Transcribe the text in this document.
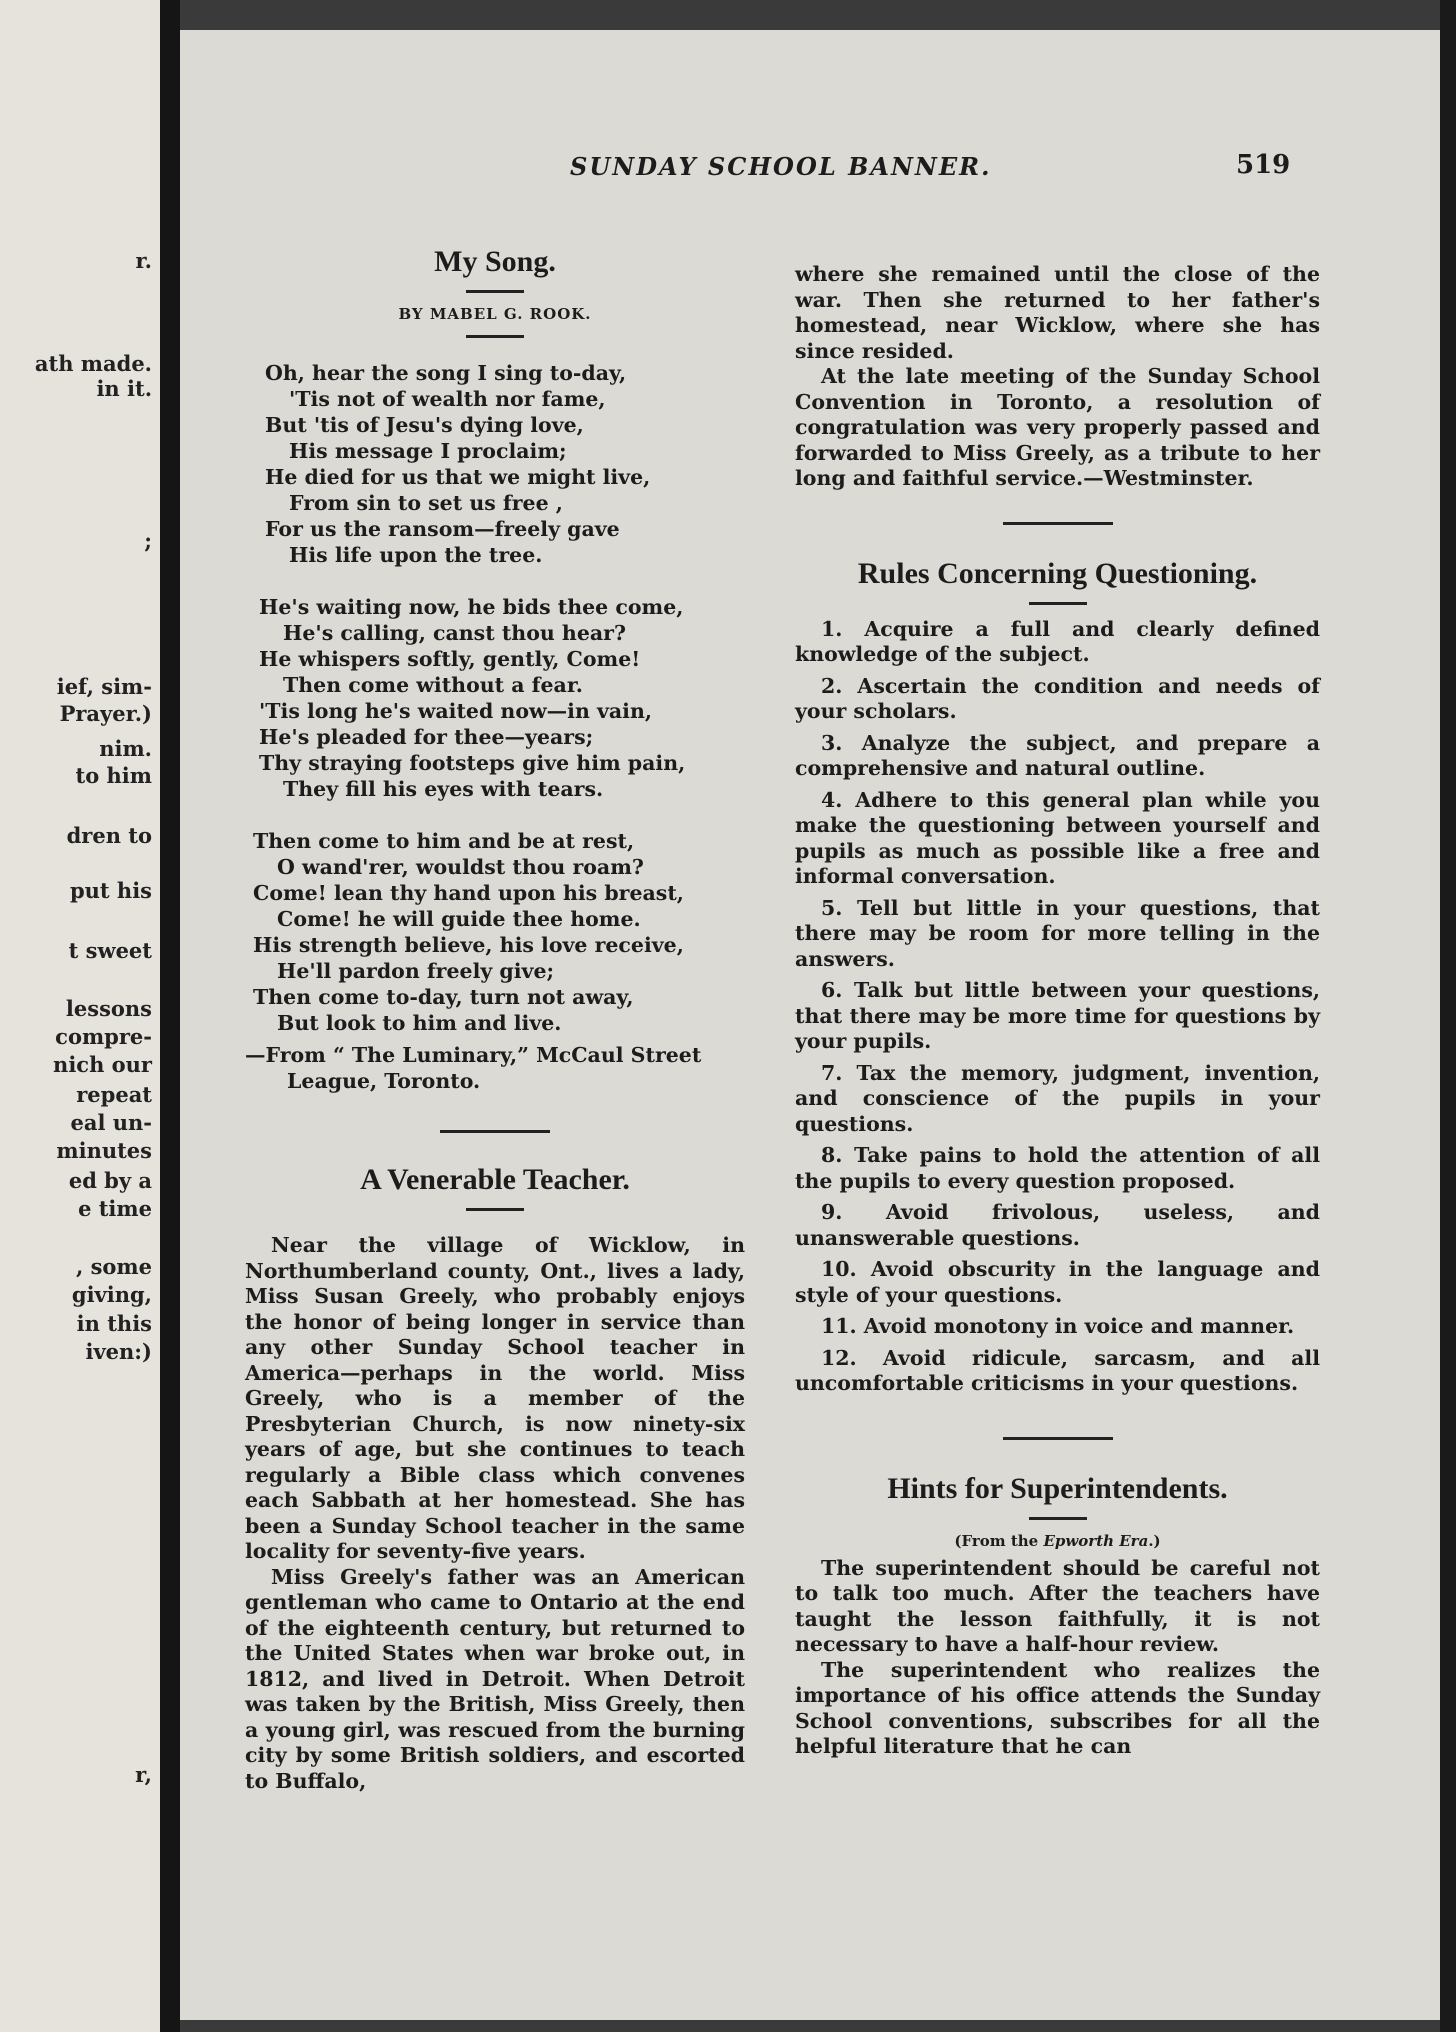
r.
ath made.
in it.
;
ief, sim-
Prayer.)
nim.
to him
dren to
put his
t sweet
lessons
compre-
nich our
repeat
eal un-
minutes
ed by a
e time
, some
giving,
in this
iven:)
r,
SUNDAY SCHOOL BANNER.	519
My Song.
BY MABEL G. ROOK.
Oh, hear the song I sing to-day,
'Tis not of wealth nor fame,
But 'tis of Jesu's dying love,
His message I proclaim;
He died for us that we might live,
From sin to set us free ,
For us the ransom—freely gave
His life upon the tree.
He's waiting now, he bids thee come,
He's calling, canst thou hear?
He whispers softly, gently, Come!
Then come without a fear.
'Tis long he's waited now—in vain,
He's pleaded for thee—years;
Thy straying footsteps give him pain,
They fill his eyes with tears.
Then come to him and be at rest,
O wand'rer, wouldst thou roam?
Come! lean thy hand upon his breast,
Come! he will guide thee home.
His strength believe, his love receive,
He'll pardon freely give;
Then come to-day, turn not away,
But look to him and live.
—From “ The Luminary,” McCaul Street
League, Toronto.
A Venerable Teacher.

Near the village of Wicklow, in Northumberland county, Ont., lives a lady, Miss Susan Greely, who probably enjoys the honor of being longer in service than any other Sunday School teacher in America—perhaps in the world. Miss Greely, who is a member of the Presbyterian Church, is now ninety-six years of age, but she continues to teach regularly a Bible class which convenes each Sabbath at her homestead. She has been a Sunday School teacher in the same locality for seventy-five years.

Miss Greely's father was an American gentleman who came to Ontario at the end of the eighteenth century, but returned to the United States when war broke out, in 1812, and lived in Detroit. When Detroit was taken by the British, Miss Greely, then a young girl, was rescued from the burning city by some British soldiers, and escorted to Buffalo,

where she remained until the close of the war. Then she returned to her father's homestead, near Wicklow, where she has since resided.

At the late meeting of the Sunday School Convention in Toronto, a resolution of congratulation was very properly passed and forwarded to Miss Greely, as a tribute to her long and faithful service.—Westminster.

Rules Concerning Questioning.
1. Acquire a full and clearly defined knowledge of the subject.
2. Ascertain the condition and needs of your scholars.
3. Analyze the subject, and prepare a comprehensive and natural outline.
4. Adhere to this general plan while you make the questioning between yourself and pupils as much as possible like a free and informal conversation.
5. Tell but little in your questions, that there may be room for more telling in the answers.
6. Talk but little between your questions, that there may be more time for questions by your pupils.
7. Tax the memory, judgment, invention, and conscience of the pupils in your questions.
8. Take pains to hold the attention of all the pupils to every question proposed.
9. Avoid frivolous, useless, and unanswerable questions.
10. Avoid obscurity in the language and style of your questions.
11. Avoid monotony in voice and manner.
12. Avoid ridicule, sarcasm, and all uncomfortable criticisms in your questions.
Hints for Superintendents.
(From the Epworth Era.)

The superintendent should be careful not to talk too much. After the teachers have taught the lesson faithfully, it is not necessary to have a half-hour review.

The superintendent who realizes the importance of his office attends the Sunday School conventions, subscribes for all the helpful literature that he can
